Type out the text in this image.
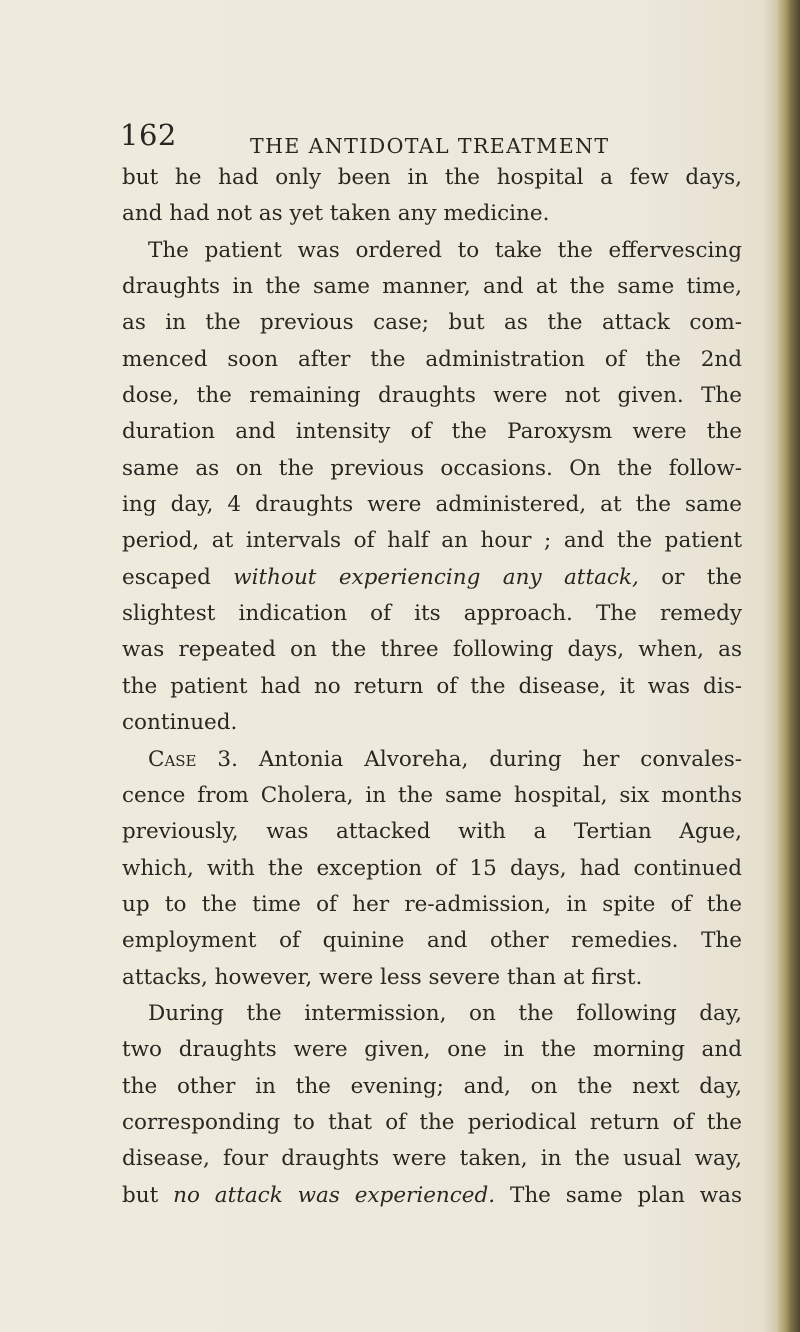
162	THE ANTIDOTAL TREATMENT
but he had only been in the hospital a few days,
and had not as yet taken any medicine.
The patient was ordered to take the effervescing
draughts in the same manner, and at the same time,
as in the previous case; but as the attack com-
menced soon after the administration of the 2nd
dose, the remaining draughts were not given. The
duration and intensity of the Paroxysm were the
same as on the previous occasions. On the follow-
ing day, 4 draughts were administered, at the same
period, at intervals of half an hour ; and the patient
escaped without experiencing any attack, or the
slightest indication of its approach. The remedy
was repeated on the three following days, when, as
the patient had no return of the disease, it was dis-
continued.
Case 3. Antonia Alvoreha, during her convales-
cence from Cholera, in the same hospital, six months
previously, was attacked with a Tertian Ague,
which, with the exception of 15 days, had continued
up to the time of her re-admission, in spite of the
employment of quinine and other remedies. The
attacks, however, were less severe than at first.
During the intermission, on the following day,
two draughts were given, one in the morning and
the other in the evening; and, on the next day,
corresponding to that of the periodical return of the
disease, four draughts were taken, in the usual way,
but no attack was experienced. The same plan was
